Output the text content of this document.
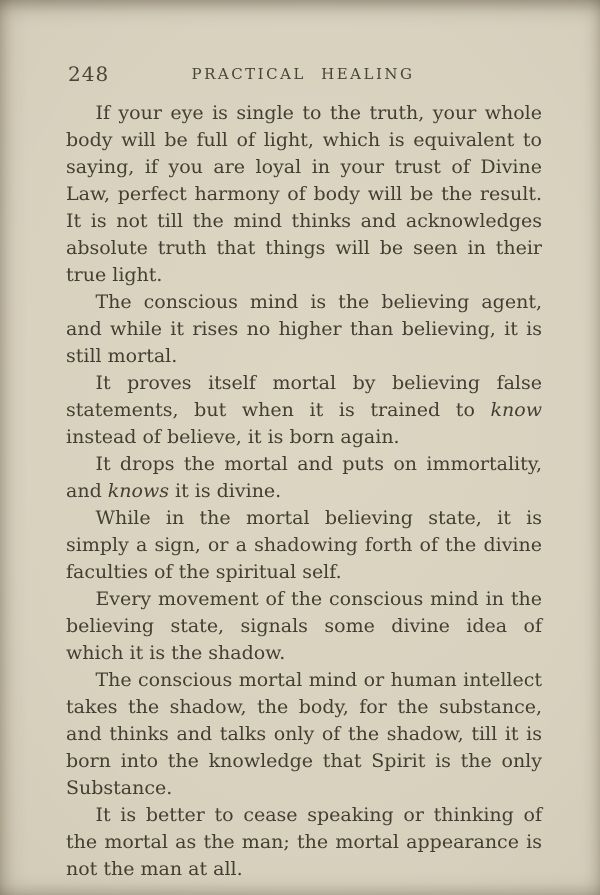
248	PRACTICAL HEALING

If your eye is single to the truth, your whole body will be full of light, which is equivalent to saying, if you are loyal in your trust of Divine Law, perfect harmony of body will be the result. It is not till the mind thinks and acknowledges absolute truth that things will be seen in their true light.

The conscious mind is the believing agent, and while it rises no higher than believing, it is still mortal.

It proves itself mortal by believing false statements, but when it is trained to know instead of believe, it is born again.

It drops the mortal and puts on immortality, and knows it is divine.

While in the mortal believing state, it is simply a sign, or a shadowing forth of the divine faculties of the spiritual self.

Every movement of the conscious mind in the believing state, signals some divine idea of which it is the shadow.

The conscious mortal mind or human intellect takes the shadow, the body, for the substance, and thinks and talks only of the shadow, till it is born into the knowledge that Spirit is the only Substance.

It is better to cease speaking or thinking of the mortal as the man; the mortal appearance is not the man at all.
